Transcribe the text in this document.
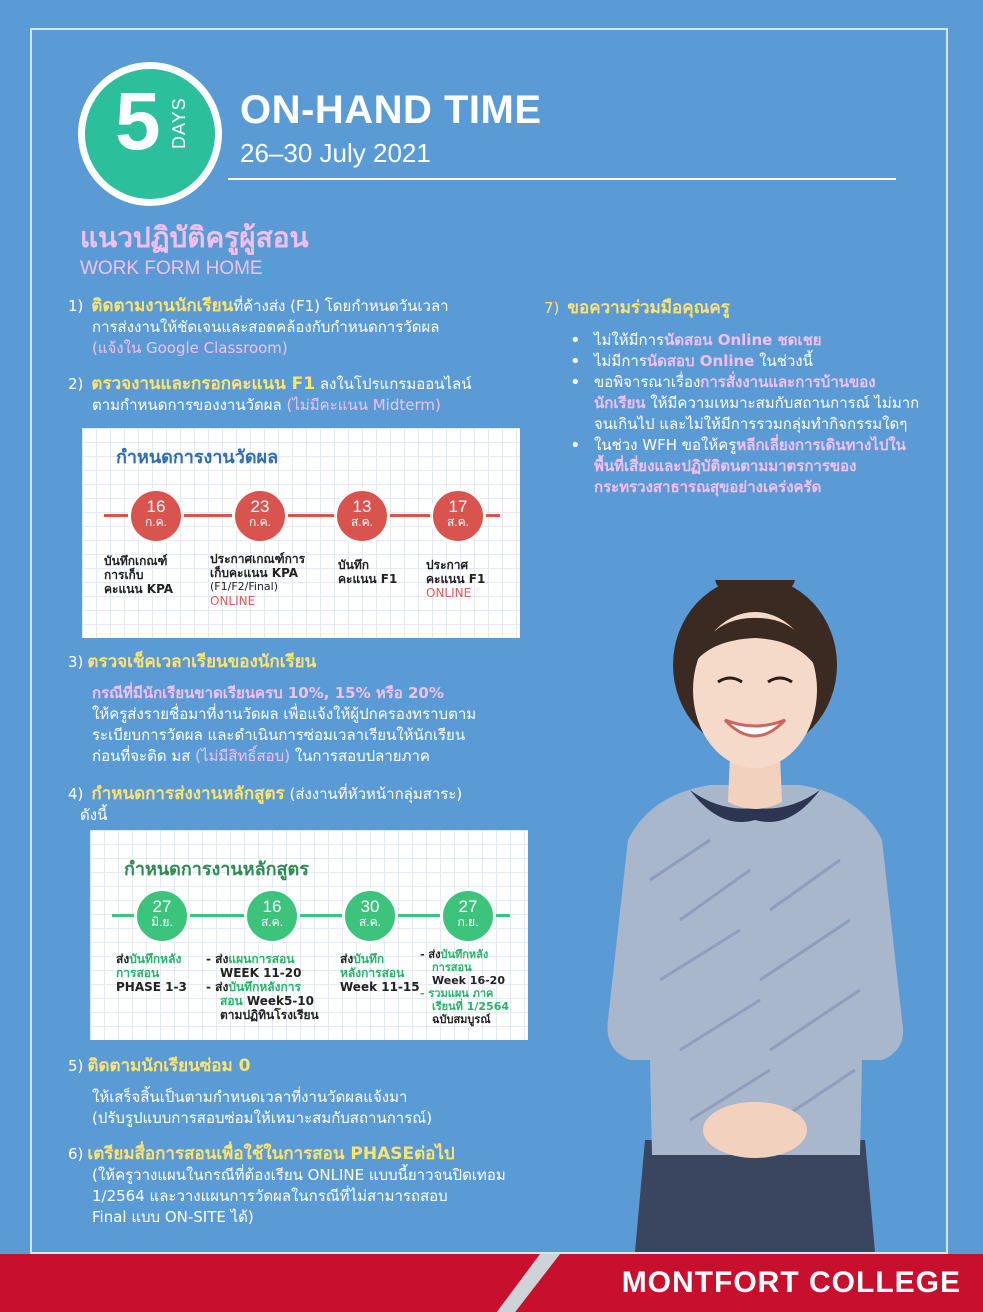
5 DAYS ON-HAND TIME
26–30 July 2021
แนวปฏิบัติครูผู้สอน
WORK FORM HOME
1) ติดตามงานนักเรียนที่ค้างส่ง (F1) โดยกำหนดวันเวลา
การส่งงานให้ชัดเจนและสอดคล้องกับกำหนดการวัดผล
(แจ้งใน Google Classroom)
2) ตรวจงานและกรอกคะแนน F1 ลงในโปรแกรมออนไลน์
ตามกำหนดการของงานวัดผล (ไม่มีคะแนน Midterm)
กำหนดการงานวัดผล
16
ก.ค.
23
ก.ค.
13
ส.ค.
17
ส.ค.
บันทึกเกณฑ์
การเก็บ
คะแนน KPA
ประกาศเกณฑ์การ
เก็บคะแนน KPA
(F1/F2/Final)
ONLINE
บันทึก
คะแนน F1
ประกาศ
คะแนน F1
ONLINE
3) ตรวจเช็คเวลาเรียนของนักเรียน
กรณีที่มีนักเรียนขาดเรียนครบ 10%, 15% หรือ 20%
ให้ครูส่งรายชื่อมาที่งานวัดผล เพื่อแจ้งให้ผู้ปกครองทราบตาม
ระเบียบการวัดผล และดำเนินการซ่อมเวลาเรียนให้นักเรียน
ก่อนที่จะติด มส (ไม่มีสิทธิ์สอบ) ในการสอบปลายภาค
4) กำหนดการส่งงานหลักสูตร (ส่งงานที่หัวหน้ากลุ่มสาระ)
ดังนี้
กำหนดการงานหลักสูตร
27
มิ.ย.
16
ส.ค.
30
ส.ค.
27
ก.ย.
ส่งบันทึกหลัง
การสอน
PHASE 1-3
- ส่งแผนการสอน
WEEK 11-20
- ส่งบันทึกหลังการ
สอน Week5-10
ตามปฏิทินโรงเรียน
ส่งบันทึก
หลังการสอน
Week 11-15
- ส่งบันทึกหลัง
การสอน
Week 16-20
- รวมแผน ภาค
เรียนที่ 1/2564
ฉบับสมบูรณ์
5) ติดตามนักเรียนซ่อม 0
ให้เสร็จสิ้นเป็นตามกำหนดเวลาที่งานวัดผลแจ้งมา
(ปรับรูปแบบการสอบซ่อมให้เหมาะสมกับสถานการณ์)
6) เตรียมสื่อการสอนเพื่อใช้ในการสอน PHASEต่อไป
(ให้ครูวางแผนในกรณีที่ต้องเรียน ONLINE แบบนี้ยาวจนปิดเทอม
1/2564 และวางแผนการวัดผลในกรณีที่ไม่สามารถสอบ
Final แบบ ON-SITE ได้)
7) ขอความร่วมมือคุณครู
• ไม่ให้มีการนัดสอน Online ชดเชย
• ไม่มีการนัดสอบ Online ในช่วงนี้
• ขอพิจารณาเรื่องการสั่งงานและการบ้านของนักเรียน ให้มีความเหมาะสมกับสถานการณ์ ไม่มากจนเกินไป และไม่ให้มีการรวมกลุ่มทำกิจกรรมใดๆ
• ในช่วง WFH ขอให้ครูหลีกเลี่ยงการเดินทางไปในพื้นที่เสี่ยงและปฏิบัติตนตามมาตรการของ กระทรวงสาธารณสุขอย่างเคร่งครัด
MONTFORT COLLEGE
